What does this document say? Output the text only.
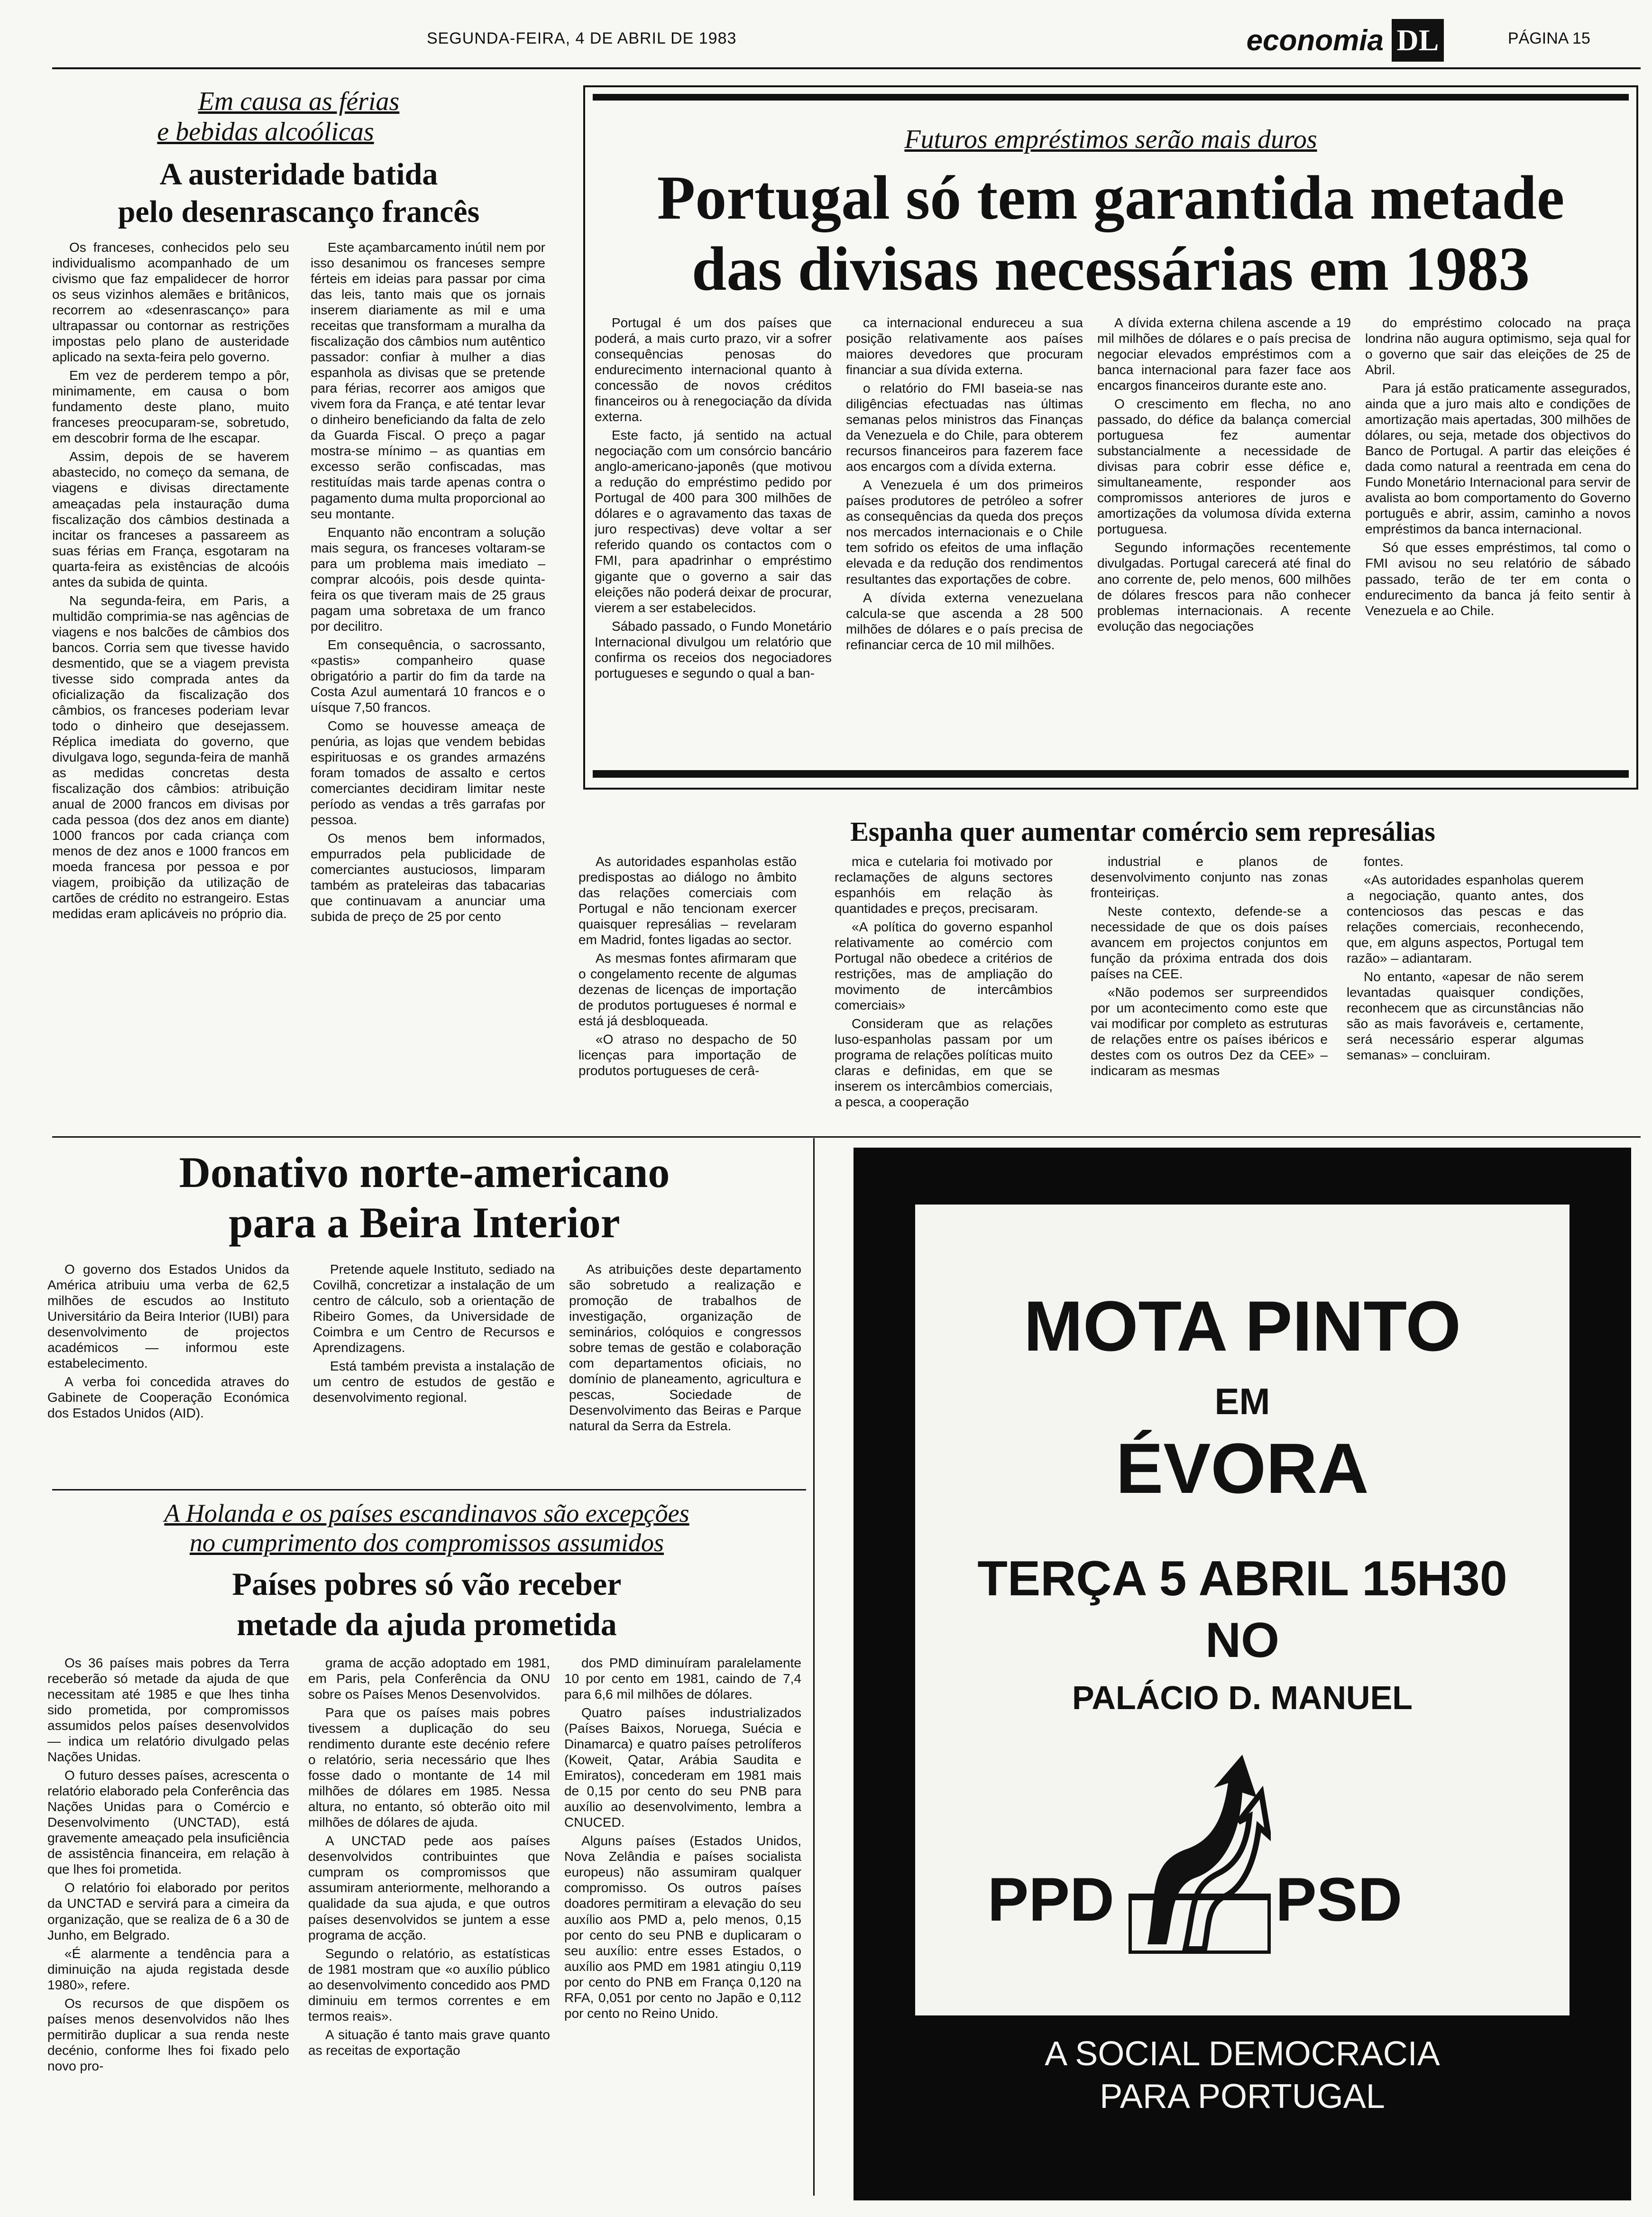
SEGUNDA-FEIRA, 4 DE ABRIL DE 1983	economia DL	PÁGINA 15
Em causa as férias
e bebidas alcoólicas
A austeridade batida
pelo desenrascanço francês

Os franceses, conhecidos pelo seu individualismo acompanhado de um civismo que faz empalidecer de horror os seus vizinhos alemães e britânicos, recorrem ao «desenrascanço» para ultrapassar ou contornar as restrições impostas pelo plano de austeridade aplicado na sexta-feira pelo governo.

Em vez de perderem tempo a pôr, minimamente, em causa o bom fundamento deste plano, muito franceses preocuparam-se, sobretudo, em descobrir forma de lhe escapar.

Assim, depois de se haverem abastecido, no começo da semana, de viagens e divisas directamente ameaçadas pela instauração duma fiscalização dos câmbios destinada a incitar os franceses a passareem as suas férias em França, esgotaram na quarta-feira as existências de alcoóis antes da subida de quinta.

Na segunda-feira, em Paris, a multidão comprimia-se nas agências de viagens e nos balcões de câmbios dos bancos. Corria sem que tivesse havido desmentido, que se a viagem prevista tivesse sido comprada antes da oficialização da fiscalização dos câmbios, os franceses poderiam levar todo o dinheiro que desejassem. Réplica imediata do governo, que divulgava logo, segunda-feira de manhã as medidas concretas desta fiscalização dos câmbios: atribuição anual de 2000 francos em divisas por cada pessoa (dos dez anos em diante) 1000 francos por cada criança com menos de dez anos e 1000 francos em moeda francesa por pessoa e por viagem, proibição da utilização de cartões de crédito no estrangeiro. Estas medidas eram aplicáveis no próprio dia.

Este açambarcamento inútil nem por isso desanimou os franceses sempre férteis em ideias para passar por cima das leis, tanto mais que os jornais inserem diariamente as mil e uma receitas que transformam a muralha da fiscalização dos câmbios num autêntico passador: confiar à mulher a dias espanhola as divisas que se pretende para férias, recorrer aos amigos que vivem fora da França, e até tentar levar o dinheiro beneficiando da falta de zelo da Guarda Fiscal. O preço a pagar mostra-se mínimo – as quantias em excesso serão confiscadas, mas restituídas mais tarde apenas contra o pagamento duma multa proporcional ao seu montante.

Enquanto não encontram a solução mais segura, os franceses voltaram-se para um problema mais imediato – comprar alcoóis, pois desde quinta-feira os que tiveram mais de 25 graus pagam uma sobretaxa de um franco por decilitro.

Em consequência, o sacrossanto, «pastis» companheiro quase obrigatório a partir do fim da tarde na Costa Azul aumentará 10 francos e o uísque 7,50 francos.

Como se houvesse ameaça de penúria, as lojas que vendem bebidas espirituosas e os grandes armazéns foram tomados de assalto e certos comerciantes decidiram limitar neste período as vendas a três garrafas por pessoa.

Os menos bem informados, empurrados pela publicidade de comerciantes austuciosos, limparam também as prateleiras das tabacarias que continuavam a anunciar uma subida de preço de 25 por cento

Futuros empréstimos serão mais duros
Portugal só tem garantida metade
das divisas necessárias em 1983

Portugal é um dos países que poderá, a mais curto prazo, vir a sofrer consequências penosas do endurecimento internacional quanto à concessão de novos créditos financeiros ou à renegociação da dívida externa.

Este facto, já sentido na actual negociação com um consórcio bancário anglo-americano-japonês (que motivou a redução do empréstimo pedido por Portugal de 400 para 300 milhões de dólares e o agravamento das taxas de juro respectivas) deve voltar a ser referido quando os contactos com o FMI, para apadrinhar o empréstimo gigante que o governo a sair das eleições não poderá deixar de procurar, vierem a ser estabelecidos.

Sábado passado, o Fundo Monetário Internacional divulgou um relatório que confirma os receios dos negociadores portugueses e segundo o qual a ban-

ca internacional endureceu a sua posição relativamente aos países maiores devedores que procuram financiar a sua dívida externa.

o relatório do FMI baseia-se nas diligências efectuadas nas últimas semanas pelos ministros das Finanças da Venezuela e do Chile, para obterem recursos financeiros para fazerem face aos encargos com a dívida externa.

A Venezuela é um dos primeiros países produtores de petróleo a sofrer as consequências da queda dos preços nos mercados internacionais e o Chile tem sofrido os efeitos de uma inflação elevada e da redução dos rendimentos resultantes das exportações de cobre.

A dívida externa venezuelana calcula-se que ascenda a 28 500 milhões de dólares e o país precisa de refinanciar cerca de 10 mil milhões.

A dívida externa chilena ascende a 19 mil milhões de dólares e o país precisa de negociar elevados empréstimos com a banca internacional para fazer face aos encargos financeiros durante este ano.

O crescimento em flecha, no ano passado, do défice da balança comercial portuguesa fez aumentar substancialmente a necessidade de divisas para cobrir esse défice e, simultaneamente, responder aos compromissos anteriores de juros e amortizações da volumosa dívida externa portuguesa.

Segundo informações recentemente divulgadas. Portugal carecerá até final do ano corrente de, pelo menos, 600 milhões de dólares frescos para não conhecer problemas internacionais. A recente evolução das negociações

do empréstimo colocado na praça londrina não augura optimismo, seja qual for o governo que sair das eleições de 25 de Abril.

Para já estão praticamente assegurados, ainda que a juro mais alto e condições de amortização mais apertadas, 300 milhões de dólares, ou seja, metade dos objectivos do Banco de Portugal. A partir das eleições é dada como natural a reentrada em cena do Fundo Monetário Internacional para servir de avalista ao bom comportamento do Governo português e abrir, assim, caminho a novos empréstimos da banca internacional.

Só que esses empréstimos, tal como o FMI avisou no seu relatório de sábado passado, terão de ter em conta o endurecimento da banca já feito sentir à Venezuela e ao Chile.

Espanha quer aumentar comércio sem represálias

As autoridades espanholas estão predispostas ao diálogo no âmbito das relações comerciais com Portugal e não tencionam exercer quaisquer represálias – revelaram em Madrid, fontes ligadas ao sector.

As mesmas fontes afirmaram que o congelamento recente de algumas dezenas de licenças de importação de produtos portugueses é normal e está já desbloqueada.

«O atraso no despacho de 50 licenças para importação de produtos portugueses de cerâ-

mica e cutelaria foi motivado por reclamações de alguns sectores espanhóis em relação às quantidades e preços, precisaram.

«A política do governo espanhol relativamente ao comércio com Portugal não obedece a critérios de restrições, mas de ampliação do movimento de intercâmbios comerciais»

Consideram que as relações luso-espanholas passam por um programa de relações políticas muito claras e definidas, em que se inserem os intercâmbios comerciais, a pesca, a cooperação

industrial e planos de desenvolvimento conjunto nas zonas fronteiriças.

Neste contexto, defende-se a necessidade de que os dois países avancem em projectos conjuntos em função da próxima entrada dos dois países na CEE.

«Não podemos ser surpreendidos por um acontecimento como este que vai modificar por completo as estruturas de relações entre os países ibéricos e destes com os outros Dez da CEE» – indicaram as mesmas

fontes.

«As autoridades espanholas querem a negociação, quanto antes, dos contenciosos das pescas e das relações comerciais, reconhecendo, que, em alguns aspectos, Portugal tem razão» – adiantaram.

No entanto, «apesar de não serem levantadas quaisquer condições, reconhecem que as circunstâncias não são as mais favoráveis e, certamente, será necessário esperar algumas semanas» – concluiram.

Donativo norte-americano
para a Beira Interior

O governo dos Estados Unidos da América atribuiu uma verba de 62,5 milhões de escudos ao Instituto Universitário da Beira Interior (IUBI) para desenvolvimento de projectos académicos — informou este estabelecimento.

A verba foi concedida atraves do Gabinete de Cooperação Económica dos Estados Unidos (AID).

Pretende aquele Instituto, sediado na Covilhã, concretizar a instalação de um centro de cálculo, sob a orientação de Ribeiro Gomes, da Universidade de Coimbra e um Centro de Recursos e Aprendizagens.

Está também prevista a instalação de um centro de estudos de gestão e desenvolvimento regional.

As atribuições deste departamento são sobretudo a realização e promoção de trabalhos de investigação, organização de seminários, colóquios e congressos sobre temas de gestão e colaboração com departamentos oficiais, no domínio de planeamento, agricultura e pescas, Sociedade de Desenvolvimento das Beiras e Parque natural da Serra da Estrela.

A Holanda e os países escandinavos são excepções
no cumprimento dos compromissos assumidos
Países pobres só vão receber
metade da ajuda prometida

Os 36 países mais pobres da Terra receberão só metade da ajuda de que necessitam até 1985 e que lhes tinha sido prometida, por compromissos assumidos pelos países desenvolvidos — indica um relatório divulgado pelas Nações Unidas.

O futuro desses países, acrescenta o relatório elaborado pela Conferência das Nações Unidas para o Comércio e Desenvolvimento (UNCTAD), está gravemente ameaçado pela insuficiência de assistência financeira, em relação à que lhes foi prometida.

O relatório foi elaborado por peritos da UNCTAD e servirá para a cimeira da organização, que se realiza de 6 a 30 de Junho, em Belgrado.

«É alarmente a tendência para a diminuição na ajuda registada desde 1980», refere.

Os recursos de que dispõem os países menos desenvolvidos não lhes permitirão duplicar a sua renda neste decénio, conforme lhes foi fixado pelo novo pro-

grama de acção adoptado em 1981, em Paris, pela Conferência da ONU sobre os Países Menos Desenvolvidos.

Para que os países mais pobres tivessem a duplicação do seu rendimento durante este decénio refere o relatório, seria necessário que lhes fosse dado o montante de 14 mil milhões de dólares em 1985. Nessa altura, no entanto, só obterão oito mil milhões de dólares de ajuda.

A UNCTAD pede aos países desenvolvidos contribuintes que cumpram os compromissos que assumiram anteriormente, melhorando a qualidade da sua ajuda, e que outros países desenvolvidos se juntem a esse programa de acção.

Segundo o relatório, as estatísticas de 1981 mostram que «o auxílio público ao desenvolvimento concedido aos PMD diminuiu em termos correntes e em termos reais».

A situação é tanto mais grave quanto as receitas de exportação

dos PMD diminuíram paralelamente 10 por cento em 1981, caindo de 7,4 para 6,6 mil milhões de dólares.

Quatro países industrializados (Países Baixos, Noruega, Suécia e Dinamarca) e quatro países petrolíferos (Koweit, Qatar, Arábia Saudita e Emiratos), concederam em 1981 mais de 0,15 por cento do seu PNB para auxílio ao desenvolvimento, lembra a CNUCED.

Alguns países (Estados Unidos, Nova Zelândia e países socialista europeus) não assumiram qualquer compromisso. Os outros países doadores permitiram a elevação do seu auxílio aos PMD a, pelo menos, 0,15 por cento do seu PNB e duplicaram o seu auxílio: entre esses Estados, o auxílio aos PMD em 1981 atingiu 0,119 por cento do PNB em França 0,120 na RFA, 0,051 por cento no Japão e 0,112 por cento no Reino Unido.

MOTA PINTO
EM
ÉVORA
TERÇA 5 ABRIL 15H30
NO
PALÁCIO D. MANUEL
PPD	PSD
A SOCIAL DEMOCRACIA
PARA PORTUGAL
